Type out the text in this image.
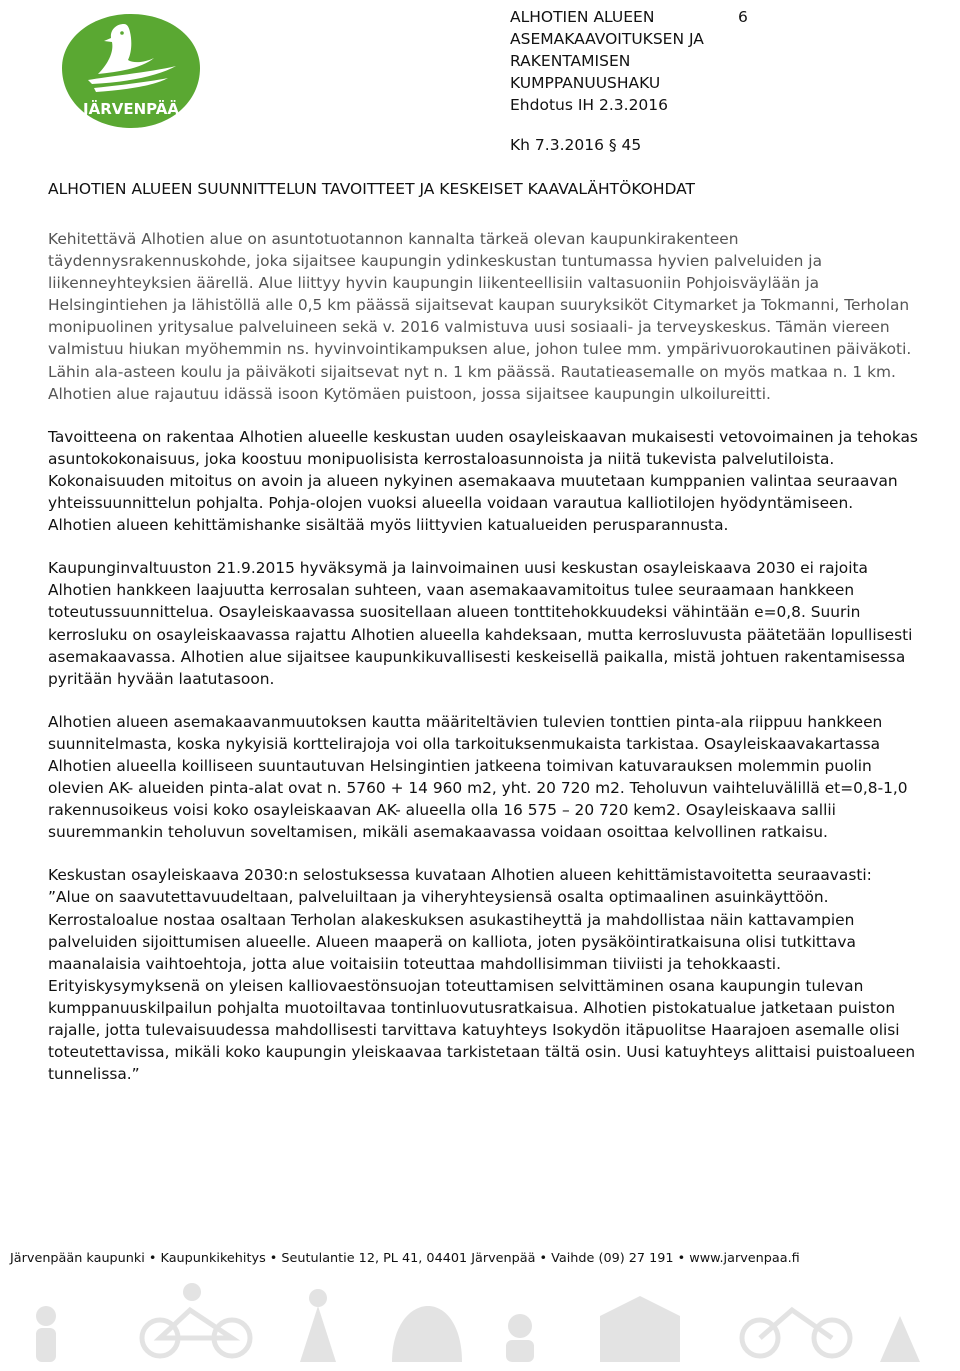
JÄRVENPÄÄ
ALHOTIEN ALUEEN
ASEMAKAAVOITUKSEN JA
RAKENTAMISEN
KUMPPANUUSHAKU
Ehdotus IH 2.3.2016
6
Kh 7.3.2016 § 45
ALHOTIEN ALUEEN SUUNNITTELUN TAVOITTEET JA KESKEISET KAAVALÄHTÖKOHDAT

Kehitettävä Alhotien alue on asuntotuotannon kannalta tärkeä olevan kaupunkirakenteen täydennysrakennuskohde, joka sijaitsee kaupungin ydinkeskustan tuntumassa hyvien palveluiden ja liikenneyhteyksien äärellä. Alue liittyy hyvin kaupungin liikenteellisiin valtasuoniin Pohjoisväylään ja Helsingintiehen ja lähistöllä alle 0,5 km päässä sijaitsevat kaupan suuryksiköt Citymarket ja Tokmanni, Terholan monipuolinen yritysalue palveluineen sekä v. 2016 valmistuva uusi sosiaali- ja terveyskeskus. Tämän viereen valmistuu hiukan myöhemmin ns. hyvinvointikampuksen alue, johon tulee mm. ympärivuorokautinen päiväkoti. Lähin ala-asteen koulu ja päiväkoti sijaitsevat nyt n. 1 km päässä. Rautatieasemalle on myös matkaa n. 1 km. Alhotien alue rajautuu idässä isoon Kytömäen puistoon, jossa sijaitsee kaupungin ulkoilureitti.

Tavoitteena on rakentaa Alhotien alueelle keskustan uuden osayleiskaavan mukaisesti vetovoimainen ja tehokas asuntokokonaisuus, joka koostuu monipuolisista kerrostaloasunnoista ja niitä tukevista palvelutiloista. Kokonaisuuden mitoitus on avoin ja alueen nykyinen asemakaava muutetaan kumppanien valintaa seuraavan yhteissuunnittelun pohjalta. Pohja-olojen vuoksi alueella voidaan varautua kalliotilojen hyödyntämiseen. Alhotien alueen kehittämishanke sisältää myös liittyvien katualueiden perusparannusta.

Kaupunginvaltuuston 21.9.2015 hyväksymä ja lainvoimainen uusi keskustan osayleiskaava 2030 ei rajoita Alhotien hankkeen laajuutta kerrosalan suhteen, vaan asemakaavamitoitus tulee seuraamaan hankkeen toteutussuunnittelua. Osayleiskaavassa suositellaan alueen tonttitehokkuudeksi vähintään e=0,8. Suurin kerrosluku on osayleiskaavassa rajattu Alhotien alueella kahdeksaan, mutta kerrosluvusta päätetään lopullisesti asemakaavassa. Alhotien alue sijaitsee kaupunkikuvallisesti keskeisellä paikalla, mistä johtuen rakentamisessa pyritään hyvään laatutasoon.

Alhotien alueen asemakaavanmuutoksen kautta määriteltävien tulevien tonttien pinta-ala riippuu hankkeen suunnitelmasta, koska nykyisiä korttelirajoja voi olla tarkoituksenmukaista tarkistaa. Osayleiskaavakartassa Alhotien alueella koilliseen suuntautuvan Helsingintien jatkeena toimivan katuvarauksen molemmin puolin olevien AK- alueiden pinta-alat ovat n. 5760 + 14 960 m2, yht. 20 720 m2. Teholuvun vaihteluvälillä et=0,8-1,0 rakennusoikeus voisi koko osayleiskaavan AK- alueella olla 16 575 – 20 720 kem2. Osayleiskaava sallii suuremmankin teholuvun soveltamisen, mikäli asemakaavassa voidaan osoittaa kelvollinen ratkaisu.

Keskustan osayleiskaava 2030:n selostuksessa kuvataan Alhotien alueen kehittämistavoitetta seuraavasti: ”Alue on saavutettavuudeltaan, palveluiltaan ja viheryhteysiensä osalta optimaalinen asuinkäyttöön. Kerrostaloalue nostaa osaltaan Terholan alakeskuksen asukastiheyttä ja mahdollistaa näin kattavampien palveluiden sijoittumisen alueelle. Alueen maaperä on kalliota, joten pysäköintiratkaisuna olisi tutkittava maanalaisia vaihtoehtoja, jotta alue voitaisiin toteuttaa mahdollisimman tiiviisti ja tehokkaasti. Erityiskysymyksenä on yleisen kalliovaestönsuojan toteuttamisen selvittäminen osana kaupungin tulevan kumppanuuskilpailun pohjalta muotoiltavaa tontinluovutusratkaisua. Alhotien pistokatualue jatketaan puiston rajalle, jotta tulevaisuudessa mahdollisesti tarvittava katuyhteys Isokydön itäpuolitse Haarajoen asemalle olisi toteutettavissa, mikäli koko kaupungin yleiskaavaa tarkistetaan tältä osin. Uusi katuyhteys alittaisi puistoalueen tunnelissa.”

Järvenpään kaupunki • Kaupunkikehitys • Seutulantie 12, PL 41, 04401 Järvenpää • Vaihde (09) 27 191 • www.jarvenpaa.fi
